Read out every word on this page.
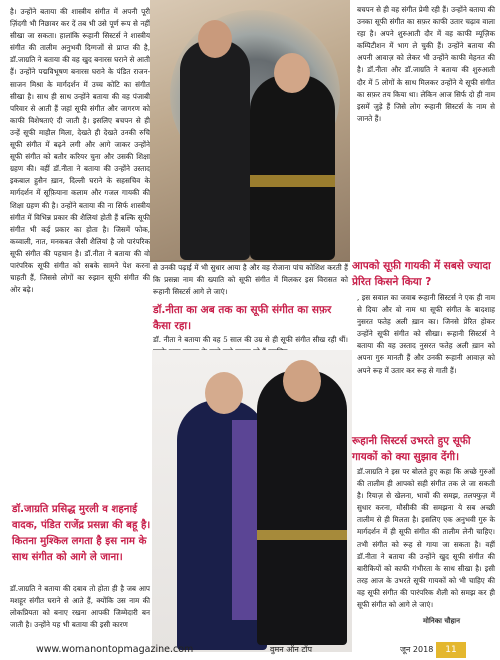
है। उन्होंने बताया की शास्त्रीय संगीत में अपनी पूरी ज़िंदगी भी निछावर कर दें तब भी उसे पूर्ण रूप से नहीं सीखा जा सकता। हालांकि रूहानी सिस्टर्स ने शास्त्रीय संगीत की तालीम अनुभवी दिग्गजों से प्राप्त की है, डॉ.जाग्रति ने बताया की वह खुद बनारस घराने से आती हैं। उन्होंने पद्मविभूषण बनारस घराने के पंडित राजन-साजन मिश्रा के मार्गदर्शन में उच्च कोटि का संगीत सीखा है। साथ ही साथ उन्होंने बताया की वह पंजाबी परिवार से आती हैं जहां सूफी संगीत और जागरण को काफी विशेषताएं दी जाती है। इसलिए बचपन से ही उन्हें सूफी माहौल मिला, देखते ही देखते उनकी रुचि सूफी संगीत में बढ़ने लगी और आगे जाकर उन्होंने सूफी संगीत को बतौर करियर चुना और उसकी शिक्षा ग्रहण की। वहीं डॉ.नीता ने बताया की उन्होंने उस्ताद इकबाल हुसैन ख़ान, दिल्ली घराने के सहसचिव के मार्गदर्शन में सूफ़ियाना कलाम और गजल गायकी की शिक्षा ग्रहण की है। उन्होंने बताया की ना सिर्फ शास्त्रीय संगीत में विभिन्न प्रकार की शैलियां होती हैं बल्कि सूफी संगीत भी कई प्रकार का होता है। जिसमें फोक, कव्वाली, नात, मनकबत जैसी शैलियां है जो पारंपरिक सूफी संगीत की पहचान है। डॉ.नीता ने बताया की वो पारंपरिक सूफी संगीत को सबके सामने पेश करना चाहती हैं, जिससे लोगों का रुझान सूफी संगीत की ओर बढ़े।

डॉ.जाग्रति प्रसिद्ध मुरली व शहनाई वादक, पंडित राजेंद्र प्रसन्ना की बहू है। कितना मुश्किल लगता है इस नाम के साथ संगीत को आगे ले जाना।

डॉ.जाग्रति ने बताया की दबाव तो होता ही है जब आप मशहूर संगीत घराने से आते हैं, क्योंकि उस नाम की लोकप्रियता को बनाए रखना आपकी जिम्मेदारी बन जाती है। उन्होंने यह भी बताया की इसी कारण

से उनकी पढ़ाई में भी सुधार आया है और वह रोजाना पांच कोशिश करती हैं कि प्रसन्ना नाम की ख्याति को सूफी संगीत में मिलकर इस विरासत को रूहानी सिस्टर्स आगे ले जाएं।
डॉ.नीता का अब तक का सूफी संगीत का सफ़र कैसा रहा।
डॉ. नीता ने बताया की वह 5 साल की उम्र से ही सूफी संगीत सीख रही थीं।

बचपन से ही वह संगीत प्रेमी रही हैं। उन्होंने बताया की उनका सूफी संगीत का सफ़र काफी उतार चढ़ाव वाला रहा है। अपने शुरुआती दौर में वह काफी म्यूज़िक कम्पिटीशन में भाग ले चुकी हैं। उन्होंने बताया की अपनी आवाज़ को लेकर भी उन्होंने काफी मेहनत की है। डॉ.नीता और डॉ.जाग्रति ने बताया की शुरुआती दौर में 5 लोगों के साथ मिलकर उन्होंने ये सूफी संगीत का सफ़र तय किया था। लेकिन आज सिर्फ दो ही नाम इसमें जुड़े हैं जिसे लोग रूहानी सिस्टर्स के नाम से जानते हैं।

आपको सूफ़ी गायकी में सबसे ज्यादा प्रेरित किसने किया ?

, इस सवाल का जवाब रूहानी सिस्टर्स ने एक ही नाम से दिया और वो नाम था सूफी संगीत के बादशाह नुसरत फतेह अली ख़ान का। जिनसे प्रेरित होकर उन्होंने सूफी संगीत को सीखा। रूहानी सिस्टर्स ने बताया की वह उस्ताद नुसरत फतेह अली ख़ान को अपना गुरु मानती हैं और उनकी रूहानी आवाज़ को अपने रूह में उतार कर रूह से गाती हैं।

रूहानी सिस्टर्स उभरते हुए सूफी गायकों को क्या सुझाव देंगी।

डॉ.जाग्रति ने इस पर बोलते हुए कहा कि अच्छे गुरुओं की तालीम ही आपको सही संगीत तक ले जा सकती है। रियाज़ से खेलना, भावों की समझ, तलफ्फुज़ में सुधार करना, मौसीकी की समझना ये सब अच्छी तालीम से ही मिलता है। इसलिए एक अनुभवी गुरु के मार्गदर्शन में ही सूफी संगीत की तालीम लेनी चाहिए। तभी संगीत को रूह से गाया जा सकता है। वहीं डॉ.नीता ने बताया की उन्होंने खुद सूफी संगीत की बारीकियों को काफी गंभीरता के साथ सीखा है। इसी तरह आज के उभरते सूफी गायकों को भी चाहिए की वह सूफी संगीत की पारंपरिक शैली को समझ कर ही सूफी संगीत को आगे ले जाएं।

मोनिका चौहान
www.womanontopmagazine.com	वुमन ऑन टॉप	जून 2018	11
